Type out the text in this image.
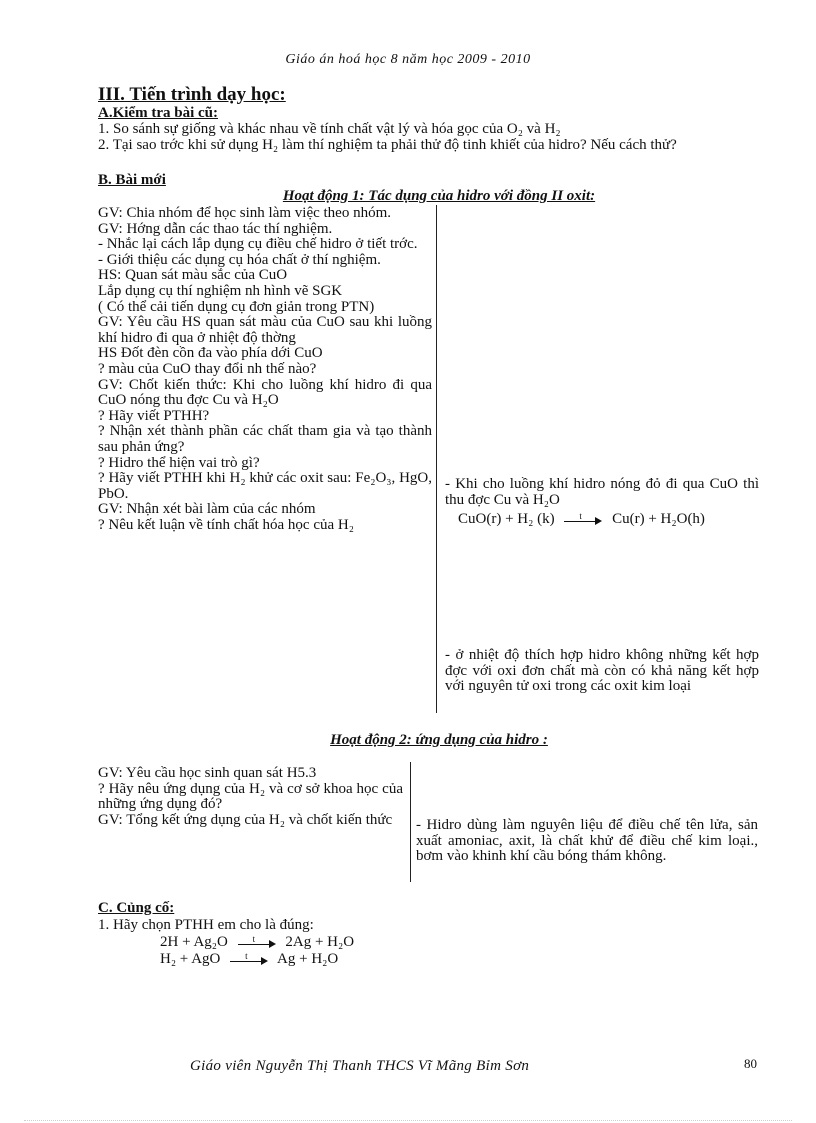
Giáo án hoá học 8 năm học 2009 - 2010
III. Tiến trình dạy học:
A.Kiểm tra bài cũ:
1. So sánh sự giống và khác nhau về tính chất vật lý và hóa gọc của O₂ và H₂
2. Tại sao trớc khi sử dụng H₂ làm thí nghiệm ta phải thử độ tinh khiết của hidro? Nếu cách thử?
B. Bài mới
Hoạt động 1: Tác dụng của hidro với đồng II oxit:

GV: Chia nhóm để học sinh làm việc theo nhóm.

GV: Hớng dẫn các thao tác thí nghiệm.

- Nhắc lại cách lắp dụng cụ điều chế hidro ở tiết trớc.

- Giới thiệu các dụng cụ hóa chất ở thí nghiệm.

HS: Quan sát màu sắc của CuO

Lắp dụng cụ thí nghiệm nh hình vẽ SGK

( Có thể cải tiến dụng cụ đơn giản trong PTN)

GV: Yêu cầu HS quan sát màu của CuO sau khi luồng khí hidro đi qua ở nhiệt độ thờng

HS Đốt đèn cồn đa vào phía dới CuO

? màu của CuO thay đổi nh thế nào?

GV: Chốt kiến thức: Khi cho luồng khí hidro đi qua CuO nóng thu đợc Cu và H₂O

? Hãy viết PTHH?

? Nhận xét thành phần các chất tham gia và tạo thành sau phản ứng?

? Hidro thể hiện vai trò gì?

? Hãy viết PTHH khi H₂ khử các oxit sau: Fe₂O₃, HgO, PbO.

GV: Nhận xét bài làm của các nhóm

? Nêu kết luận về tính chất hóa học của H₂

- Khi cho luồng khí hidro nóng đỏ đi qua CuO thì thu đợc Cu và H₂O
CuO(r) + H₂ (k)	t Cu(r) + H₂O(h)
- ở nhiệt độ thích hợp hidro không những kết hợp đợc với oxi đơn chất mà còn có khả năng kết hợp với nguyên tử oxi trong các oxit kim loại
Hoạt động 2: ứng dụng của hidro :

GV: Yêu cầu học sinh quan sát H5.3

? Hãy nêu ứng dụng của H₂ và cơ sở khoa học của những ứng dụng đó?

GV: Tổng kết ứng dụng của H₂ và chốt kiến thức	- Hidro dùng làm nguyên liệu để điều chế tên lửa, sản xuất amoniac, axit, là chất khử để điều chế kim loại., bơm vào khinh khí cầu bóng thám không.
C. Củng cố:
1. Hãy chọn PTHH em cho là đúng:
2H + Ag₂O	t 2Ag + H₂O
H₂ + AgO	t Ag + H₂O
Giáo viên Nguyễn Thị Thanh THCS Vĩ Mãng Bỉm Sơn	80
